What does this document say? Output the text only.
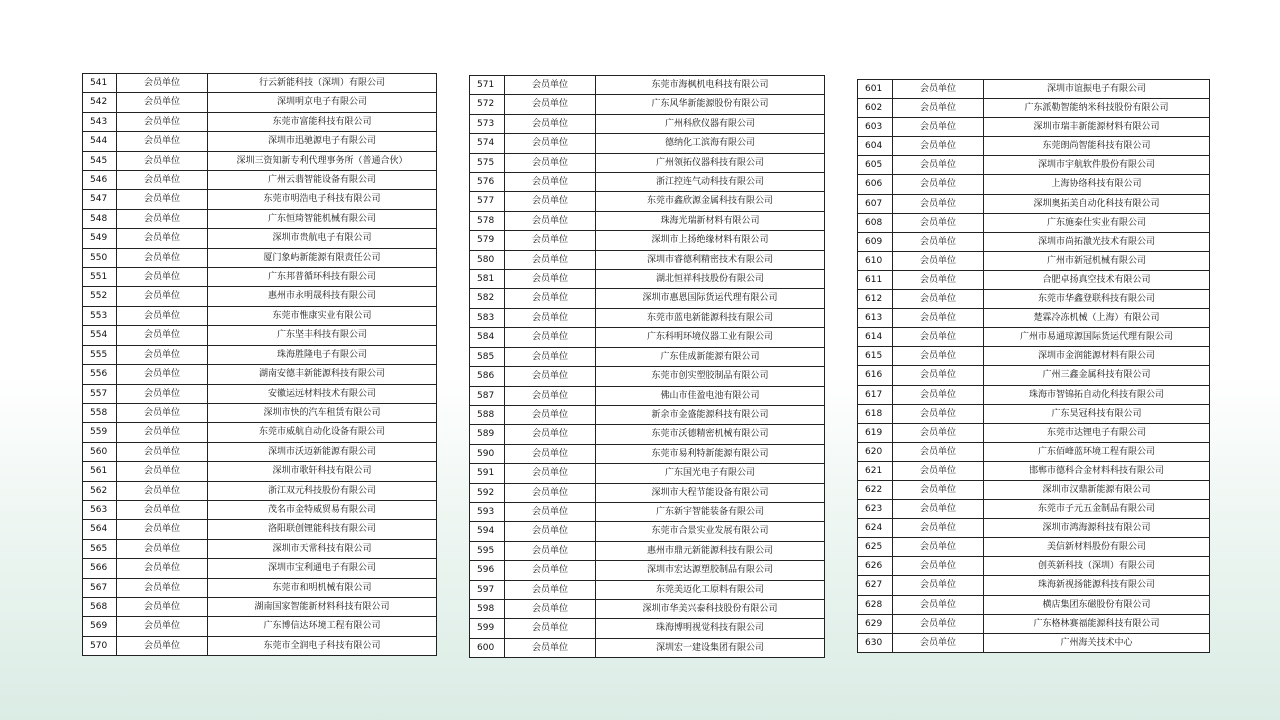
541	会员单位	行云新能科技（深圳）有限公司
542	会员单位	深圳明京电子有限公司
543	会员单位	东莞市富能科技有限公司
544	会员单位	深圳市迅驰源电子有限公司
545	会员单位	深圳三资知新专利代理事务所（普通合伙）
546	会员单位	广州云翡智能设备有限公司
547	会员单位	东莞市明浩电子科技有限公司
548	会员单位	广东恒琦智能机械有限公司
549	会员单位	深圳市贵航电子有限公司
550	会员单位	厦门象屿新能源有限责任公司
551	会员单位	广东邦普循环科技有限公司
552	会员单位	惠州市永明晟科技有限公司
553	会员单位	东莞市惟康实业有限公司
554	会员单位	广东坚丰科技有限公司
555	会员单位	珠海胜隆电子有限公司
556	会员单位	湖南安德丰新能源科技有限公司
557	会员单位	安徽运远材料技术有限公司
558	会员单位	深圳市快的汽车租赁有限公司
559	会员单位	东莞市威航自动化设备有限公司
560	会员单位	深圳市沃迈新能源有限公司
561	会员单位	深圳市歌轩科技有限公司
562	会员单位	浙江双元科技股份有限公司
563	会员单位	茂名市金特威贸易有限公司
564	会员单位	洛阳联创锂能科技有限公司
565	会员单位	深圳市天常科技有限公司
566	会员单位	深圳市宝利通电子有限公司
567	会员单位	东莞市和明机械有限公司
568	会员单位	湖南国家智能新材料科技有限公司
569	会员单位	广东博信达环境工程有限公司
570	会员单位	东莞市全润电子科技有限公司
571	会员单位	东莞市海枫机电科技有限公司
572	会员单位	广东风华新能源股份有限公司
573	会员单位	广州科欣仪器有限公司
574	会员单位	德纳化工滨海有限公司
575	会员单位	广州领拓仪器科技有限公司
576	会员单位	浙江控连气动科技有限公司
577	会员单位	东莞市鑫欣源金属科技有限公司
578	会员单位	珠海光瑞新材料有限公司
579	会员单位	深圳市上扬绝缘材料有限公司
580	会员单位	深圳市睿德利精密技术有限公司
581	会员单位	湖北恒祥科技股份有限公司
582	会员单位	深圳市惠恩国际货运代理有限公司
583	会员单位	东莞市蓝电新能源科技有限公司
584	会员单位	广东科明环境仪器工业有限公司
585	会员单位	广东佳成新能源有限公司
586	会员单位	东莞市创实塑胶制品有限公司
587	会员单位	佛山市佳盈电池有限公司
588	会员单位	新余市金盛能源科技有限公司
589	会员单位	东莞市沃德精密机械有限公司
590	会员单位	东莞市易利特新能源有限公司
591	会员单位	广东国光电子有限公司
592	会员单位	深圳市大程节能设备有限公司
593	会员单位	广东新宇智能装备有限公司
594	会员单位	东莞市合景实业发展有限公司
595	会员单位	惠州市鼎元新能源科技有限公司
596	会员单位	深圳市宏达源塑胶制品有限公司
597	会员单位	东莞美迈化工原料有限公司
598	会员单位	深圳市华美兴泰科技股份有限公司
599	会员单位	珠海博明视觉科技有限公司
600	会员单位	深圳宏一建设集团有限公司
601	会员单位	深圳市谊振电子有限公司
602	会员单位	广东派勒智能纳米科技股份有限公司
603	会员单位	深圳市瑞丰新能源材料有限公司
604	会员单位	东莞朗尚智能科技有限公司
605	会员单位	深圳市宇航软件股份有限公司
606	会员单位	上海协络科技有限公司
607	会员单位	深圳奥拓美自动化科技有限公司
608	会员单位	广东施泰仕实业有限公司
609	会员单位	深圳市尚拓激光技术有限公司
610	会员单位	广州市新冠机械有限公司
611	会员单位	合肥卓扬真空技术有限公司
612	会员单位	东莞市华鑫登联科技有限公司
613	会员单位	楚霖冷冻机械（上海）有限公司
614	会员单位	广州市易通琼源国际货运代理有限公司
615	会员单位	深圳市金润能源材料有限公司
616	会员单位	广州三鑫金属科技有限公司
617	会员单位	珠海市智锦拓自动化科技有限公司
618	会员单位	广东昊冠科技有限公司
619	会员单位	东莞市达锂电子有限公司
620	会员单位	广东佰峰蓝环境工程有限公司
621	会员单位	邯郸市德科合金材料科技有限公司
622	会员单位	深圳市汉鼎新能源有限公司
623	会员单位	东莞市子元五金制品有限公司
624	会员单位	深圳市鸿海源科技有限公司
625	会员单位	美信新材料股份有限公司
626	会员单位	创英新科技（深圳）有限公司
627	会员单位	珠海新视扬能源科技有限公司
628	会员单位	横店集团东磁股份有限公司
629	会员单位	广东格林赛福能源科技有限公司
630	会员单位	广州海关技术中心
